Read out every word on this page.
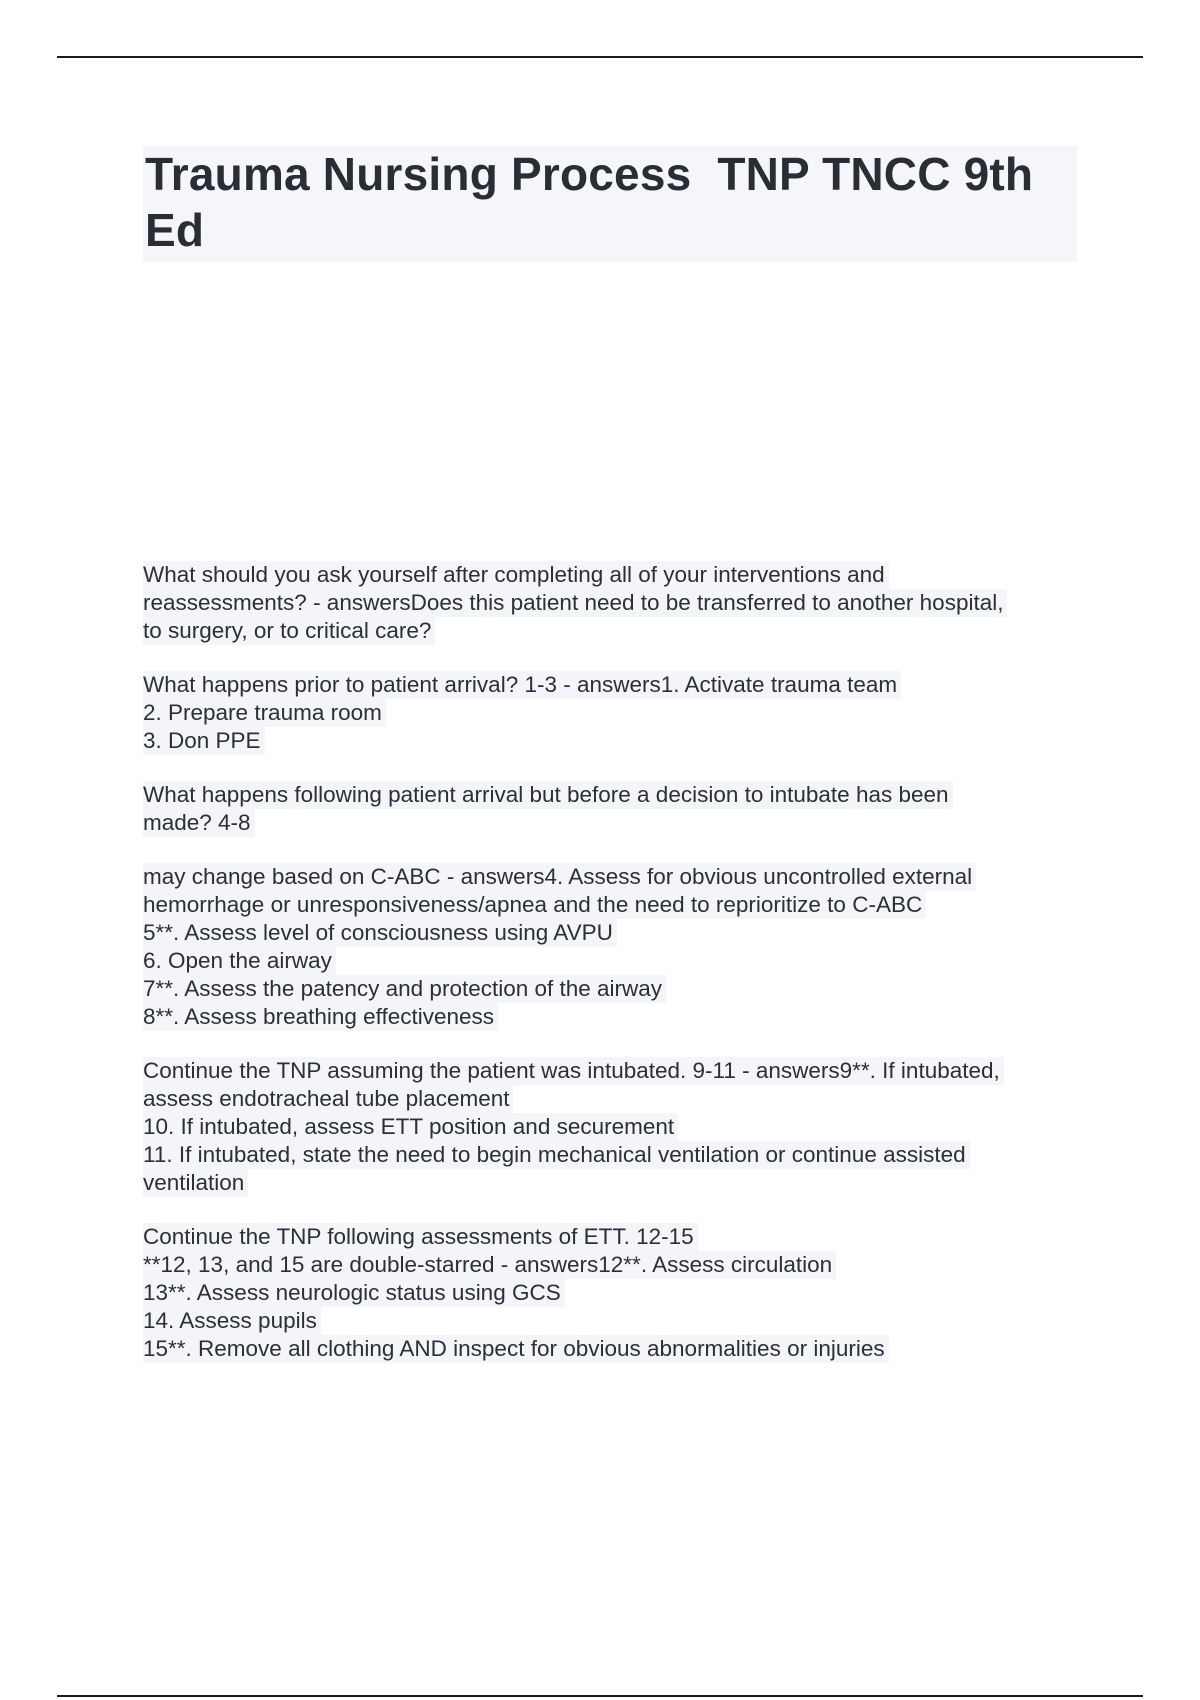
Trauma Nursing Process  TNP TNCC 9th
Ed
What should you ask yourself after completing all of your interventions and
reassessments? - answersDoes this patient need to be transferred to another hospital,
to surgery, or to critical care?
What happens prior to patient arrival? 1-3 - answers1. Activate trauma team
2. Prepare trauma room
3. Don PPE
What happens following patient arrival but before a decision to intubate has been
made? 4-8
may change based on C-ABC - answers4. Assess for obvious uncontrolled external
hemorrhage or unresponsiveness/apnea and the need to reprioritize to C-ABC
5**. Assess level of consciousness using AVPU
6. Open the airway
7**. Assess the patency and protection of the airway
8**. Assess breathing effectiveness
Continue the TNP assuming the patient was intubated. 9-11 - answers9**. If intubated,
assess endotracheal tube placement
10. If intubated, assess ETT position and securement
11. If intubated, state the need to begin mechanical ventilation or continue assisted
ventilation
Continue the TNP following assessments of ETT. 12-15
**12, 13, and 15 are double-starred - answers12**. Assess circulation
13**. Assess neurologic status using GCS
14. Assess pupils
15**. Remove all clothing AND inspect for obvious abnormalities or injuries
